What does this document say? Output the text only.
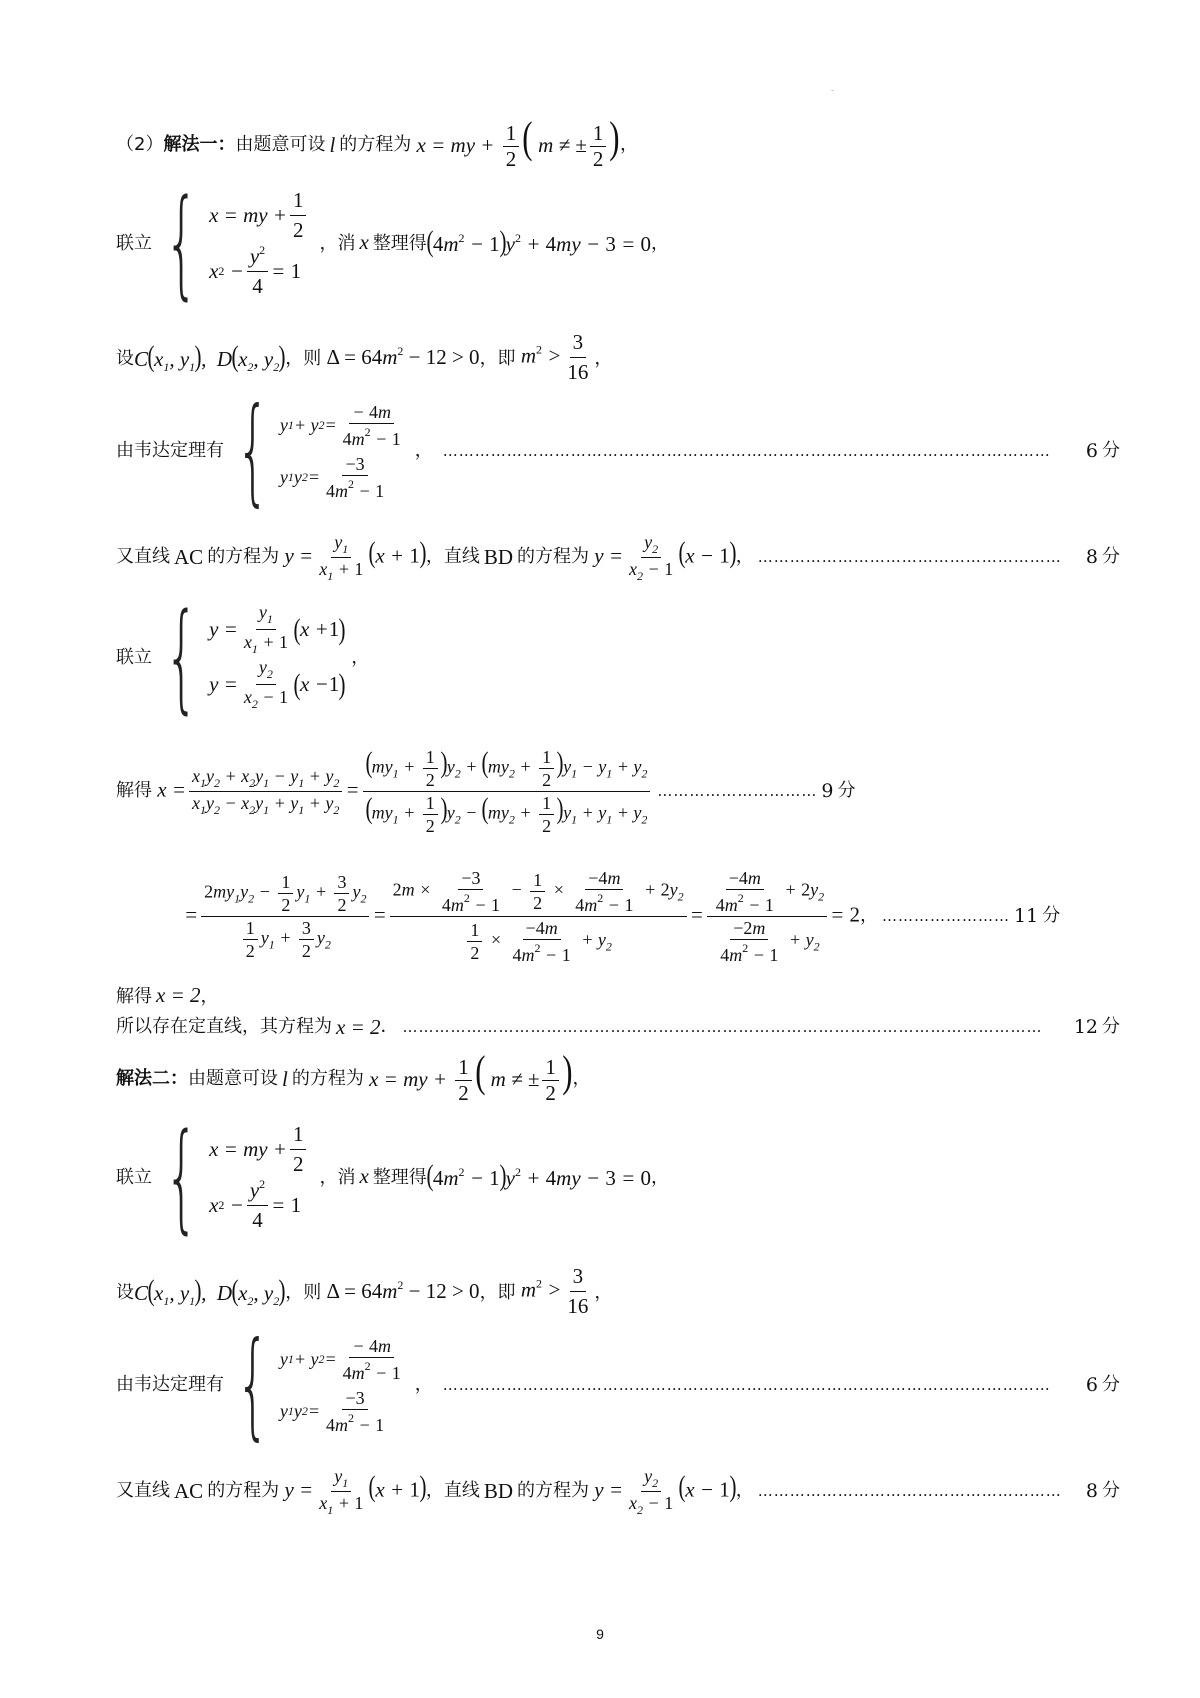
-
（2） 解法一： 由题意可设 l 的方程为 x = my + $\frac{1}{2}$ ( m ≠ ± $\frac{1}{2}$ ) ，
联立 { x = my + $\frac{1}{2}$
x $2 - \frac{y^2}{4} = 1$
，消 x 整理得 $(4m^2 - 1)y^2 + 4my - 3 = 0$ ，
设 $C(x_1$, $y_1$),  $D(x_2$, $y_2$) ，则 $\Delta = 64m^2 - 12 > 0$ ，即 $m^2 > \frac{3}{16}$ ，
由韦达定理有 { y 1 + y $2 = \frac{- 4m}{4m^2 - 1}$
y 1 y $2 = \frac{-3}{4m^2 - 1}$
， ……………………………………………………………………………………………………	6 分
又直线 AC 的方程为 $y = \frac{y_1}{x_1 + 1} (x + 1)$ ，直线 BD 的方程为 $y = \frac{y_2}{x_2 - 1} (x - 1)$ ， …………………………………………………	8 分
联立 { $y = \frac{y_1}{x_1 + 1}$ ( x + 1 )
$y = \frac{y_2}{x_2 - 1}$ ( x − 1 )
，
解得 $x = \frac{x_1y_2 + x_2y_1 - y_1 + y_2}{x_1y_2 - x_2y_1 + y_1 + y_2} = \frac{(my_1 + \frac{1}{2} )y_2 + (my_2 + \frac{1}{2} )y_1 - y_1 + y_2}{(my_1 + \frac{1}{2} )y_2 - (my_2 + \frac{1}{2} )y_1 + y_1 + y_2}$ ………………………… 9 分
= $\frac{2my_1y_2 - \frac{1}{2} y_1 + \frac{3}{2} y_2}{\frac{1}{2} y_1 + \frac{3}{2} y_2} = \frac{2m \times \frac{-3}{4m^2 - 1} - \frac{1}{2} \times \frac{-4m}{4m^2 - 1} + 2y_2}{\frac{1}{2} \times \frac{-4m}{4m^2 - 1} + y_2} = \frac{\frac{-4m}{4m^2 - 1} + 2y_2}{\frac{-2m}{4m^2 - 1} + y_2} = 2$ ， …………………… 11 分
解得 x = 2 ，
所以存在定直线，其方程为 x = 2 ． …………………………………………………………………………………………………………	12 分
解法二： 由题意可设 l 的方程为 x = my + $\frac{1}{2}$ ( m ≠ ± $\frac{1}{2}$ ) ，
联立 { x = my + $\frac{1}{2}$
x $2 - \frac{y^2}{4} = 1$
，消 x 整理得 $(4m^2 - 1)y^2 + 4my - 3 = 0$ ，
设 $C(x_1$, $y_1$),  $D(x_2$, $y_2$) ，则 $\Delta = 64m^2 - 12 > 0$ ，即 $m^2 > \frac{3}{16}$ ，
由韦达定理有 { y 1 + y $2 = \frac{- 4m}{4m^2 - 1}$
y 1 y $2 = \frac{-3}{4m^2 - 1}$
， ……………………………………………………………………………………………………	6 分
又直线 AC 的方程为 $y = \frac{y_1}{x_1 + 1} (x + 1)$ ，直线 BD 的方程为 $y = \frac{y_2}{x_2 - 1} (x - 1)$ ， …………………………………………………	8 分
9
